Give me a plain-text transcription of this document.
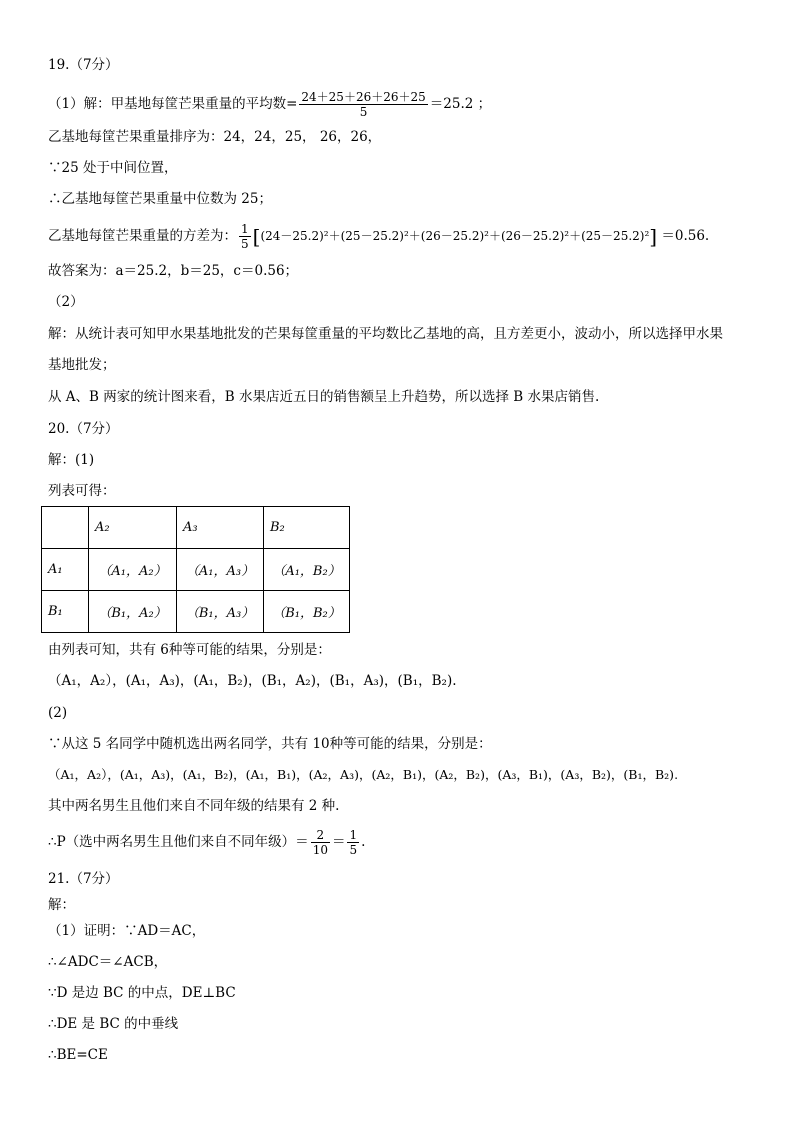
19.（7分）
（1）解：甲基地每筐芒果重量的平均数= $\frac{24+25+26+26+25}{5} =25.2$ ；
乙基地每筐芒果重量排序为：24，24，25， 26，26，
∵25 处于中间位置，
∴乙基地每筐芒果重量中位数为 25；
乙基地每筐芒果重量的方差为： $\frac{1}{5} [(24-25.2)^2+(25-25.2)^2+(26-25.2)^2+(26-25.2)^2+(25-25.2)^2] =0.56$.
故答案为：a＝25.2，b＝25，c＝0.56；
（2）
解：从统计表可知甲水果基地批发的芒果每筐重量的平均数比乙基地的高，且方差更小，波动小，所以选择甲水果
基地批发；
从 A、B 两家的统计图来看，B 水果店近五日的销售额呈上升趋势，所以选择 B 水果店销售.
20.（7分）
解：(1)
列表可得：
	A₂	A₃	B₂
A₁	（A₁，A₂）	（A₁，A₃）	（A₁，B₂）
B₁	（B₁，A₂）	（B₁，A₃）	（B₁，B₂）
由列表可知，共有 6种等可能的结果，分别是：
（A₁，A₂），(A₁，A₃)，(A₁，B₂)，(B₁，A₂)，(B₁，A₃)，(B₁，B₂).
(2)
∵从这 5 名同学中随机选出两名同学，共有 10种等可能的结果，分别是：
（A₁，A₂），(A₁，A₃)，(A₁，B₂)，(A₁，B₁)，(A₂，A₃)，(A₂，B₁)，(A₂，B₂)，(A₃，B₁)，(A₃，B₂)，(B₁，B₂).
其中两名男生且他们来自不同年级的结果有 2 种.
∴P（选中两名男生且他们来自不同年级）＝ $\frac{2}{10} = \frac{1}{5}$ .
21.（7分）
解：
（1）证明：∵AD＝AC，
∴∠ADC＝∠ACB，
∵D 是边 BC 的中点，DE⊥BC
∴DE 是 BC 的中垂线
∴BE=CE
